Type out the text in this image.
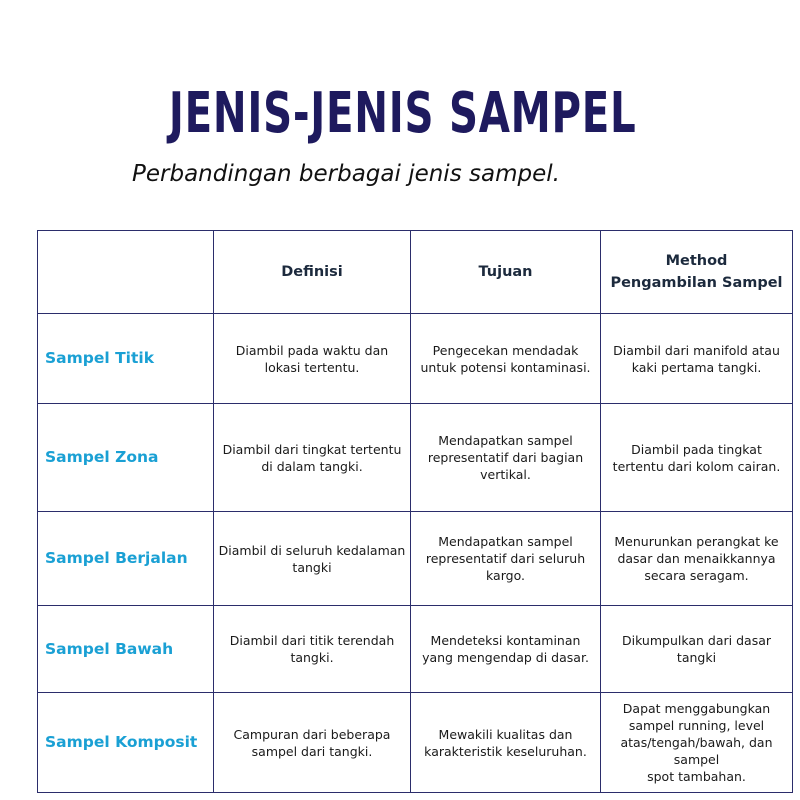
JENIS-JENIS SAMPEL

Perbandingan berbagai jenis sampel.

	Definisi	Tujuan	Method
Pengambilan Sampel
Sampel Titik	Diambil pada waktu dan lokasi tertentu.	Pengecekan mendadak untuk potensi kontaminasi.	Diambil dari manifold atau kaki pertama tangki.
Sampel Zona	Diambil dari tingkat tertentu di dalam tangki.	Mendapatkan sampel representatif dari bagian vertikal.	Diambil pada tingkat tertentu dari kolom cairan.
Sampel Berjalan	Diambil di seluruh kedalaman tangki	Mendapatkan sampel representatif dari seluruh kargo.	Menurunkan perangkat ke dasar dan menaikkannya secara seragam.
Sampel Bawah	Diambil dari titik terendah tangki.	Mendeteksi kontaminan yang mengendap di dasar.	Dikumpulkan dari dasar tangki
Sampel Komposit	Campuran dari beberapa sampel dari tangki.	Mewakili kualitas dan karakteristik keseluruhan.	Dapat menggabungkan sampel running, level atas/tengah/bawah, dan sampel
spot tambahan.
